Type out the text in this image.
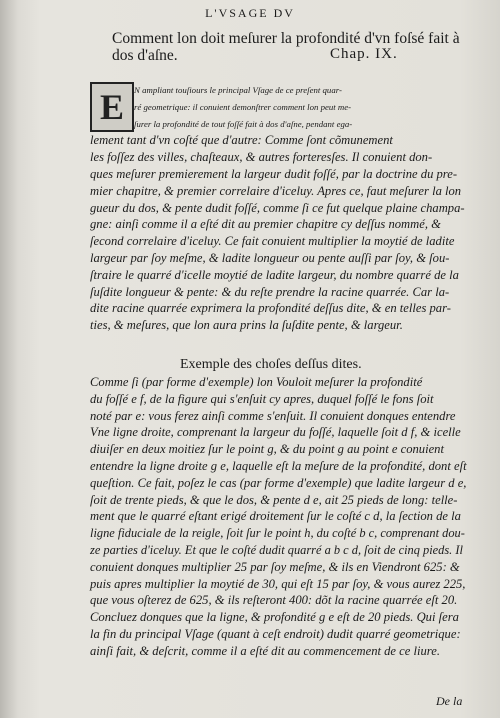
L'VSAGE DV
Comment lon doit meſurer la profondité d'vn foſsé fait à dos d'aſne.	Chap. IX.
E	N ampliant touſiours le principal Vſage de ce preſent quar-
ré geometrique: il conuient demonſtrer comment lon peut me-
ſurer la profondité de tout foſſé fait à dos d'aſne, pendant ega-
lement tant d'vn coſté que d'autre: Comme ſont cõmunement
les foſſez des villes, chaſteaux, & autres forteresſes. Il conuient don-
ques meſurer premierement la largeur dudit foſſé, par la doctrine du pre-
mier chapitre, & premier correlaire d'iceluy. Apres ce, faut meſurer la lon
gueur du dos, & pente dudit foſſé, comme ſi ce fut quelque plaine champa-
gne: ainſi comme il a eſté dit au premier chapitre cy deſſus nommé, &
ſecond correlaire d'iceluy. Ce fait conuient multiplier la moytié de ladite
largeur par ſoy meſme, & ladite longueur ou pente auſſi par ſoy, & ſou-
ſtraire le quarré d'icelle moytié de ladite largeur, du nombre quarré de la
ſuſdite longueur & pente: & du reſte prendre la racine quarrée. Car la-
dite racine quarrée exprimera la profondité deſſus dite, & en telles par-
ties, & meſures, que lon aura prins la ſuſdite pente, & largeur.
Exemple des choſes deſſus dites.
Comme ſi (par forme d'exemple) lon Vouloit meſurer la profondité
du foſſé e f, de la figure qui s'enſuit cy apres, duquel foſſé le fons ſoit
noté par e: vous ferez ainſi comme s'enſuit. Il conuient donques entendre
Vne ligne droite, comprenant la largeur du foſſé, laquelle ſoit d f, & icelle
diuiſer en deux moitiez ſur le point g, & du point g au point e conuient
entendre la ligne droite g e, laquelle eſt la meſure de la profondité, dont eſt
queſtion. Ce fait, poſez le cas (par forme d'exemple) que ladite largeur d e,
ſoit de trente pieds, & que le dos, & pente d e, ait 25 pieds de long: telle-
ment que le quarré eſtant erigé droitement ſur le coſté c d, la ſection de la
ligne fiduciale de la reigle, ſoit ſur le point h, du coſté b c, comprenant dou-
ze parties d'iceluy. Et que le coſté dudit quarré a b c d, ſoit de cinq pieds. Il
conuient donques multiplier 25 par ſoy meſme, & ils en Viendront 625: &
puis apres multiplier la moytié de 30, qui eſt 15 par ſoy, & vous aurez 225,
que vous oſterez de 625, & ils reſteront 400: dõt la racine quarrée eſt 20.
Concluez donques que la ligne, & profondité g e eſt de 20 pieds. Qui ſera
la fin du principal Vſage (quant à ceſt endroit) dudit quarré geometrique:
ainſi fait, & deſcrit, comme il a eſté dit au commencement de ce liure.
De la
